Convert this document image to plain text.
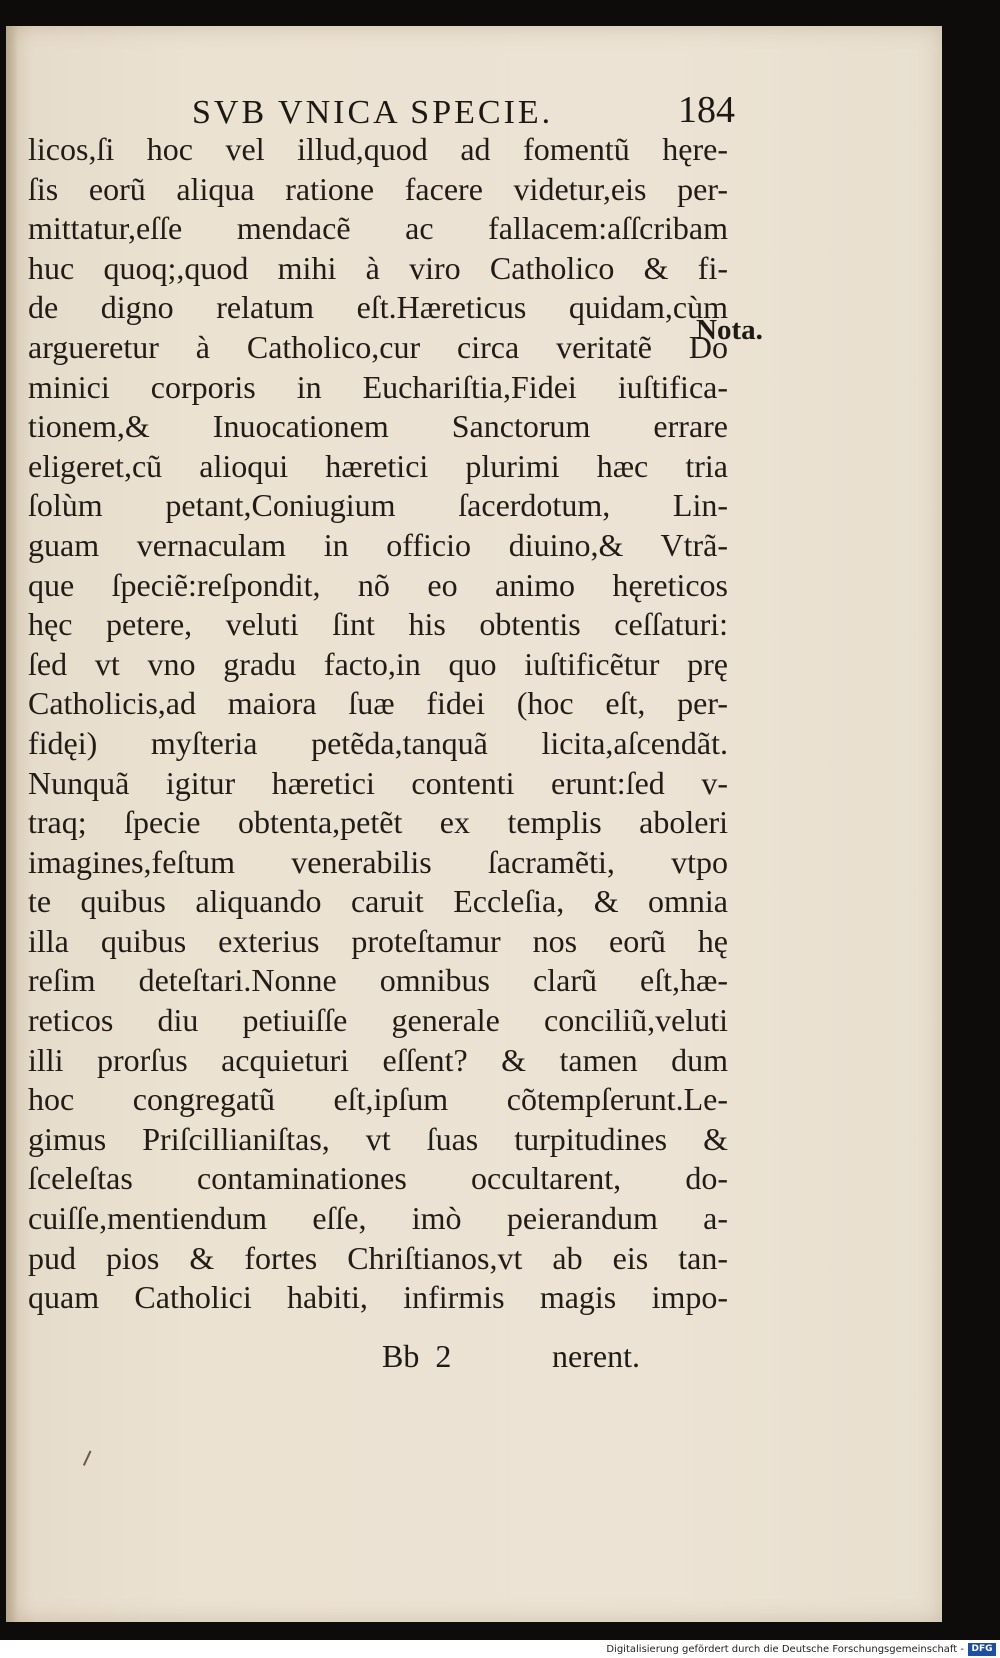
SVB VNICA SPECIE.	184
licos,ſi hoc vel illud,quod ad fomentũ hęre-
ſis eorũ aliqua ratione facere videtur,eis per-
mittatur,eſſe mendacẽ ac fallacem:aſſcribam
huc quoq;,quod mihi à viro Catholico & fi-
de digno relatum eſt.Hæreticus quidam,cùm
argueretur à Catholico,cur circa veritatẽ Do
minici corporis in Euchariſtia,Fidei iuſtifica-
tionem,& Inuocationem Sanctorum errare
eligeret,cũ alioqui hæretici plurimi hæc tria
ſolùm petant,Coniugium ſacerdotum, Lin-
guam vernaculam in officio diuino,& Vtrã-
que ſpeciẽ:reſpondit, nõ eo animo hęreticos
hęc petere, veluti ſint his obtentis ceſſaturi:
ſed vt vno gradu facto,in quo iuſtificẽtur prę
Catholicis,ad maiora ſuæ fidei (hoc eſt, per-
fidęi) myſteria petẽda,tanquã licita,aſcendãt.
Nunquã igitur hæretici contenti erunt:ſed v-
traq; ſpecie obtenta,petẽt ex templis aboleri
imagines,feſtum venerabilis ſacramẽti, vtpo
te quibus aliquando caruit Eccleſia, & omnia
illa quibus exterius proteſtamur nos eorũ hę
reſim deteſtari.Nonne omnibus clarũ eſt,hæ-
reticos diu petiuiſſe generale conciliũ,veluti
illi prorſus acquieturi eſſent? & tamen dum
hoc congregatũ eſt,ipſum cõtempſerunt.Le-
gimus Priſcillianiſtas, vt ſuas turpitudines &
ſceleſtas contaminationes occultarent, do-
cuiſſe,mentiendum eſſe, imò peierandum a-
pud pios & fortes Chriſtianos,vt ab eis tan-
quam Catholici habiti, infirmis magis impo-
Nota.
Bb 2	nerent.
Digitalisierung gefördert durch die Deutsche Forschungsgemeinschaft - DFG
